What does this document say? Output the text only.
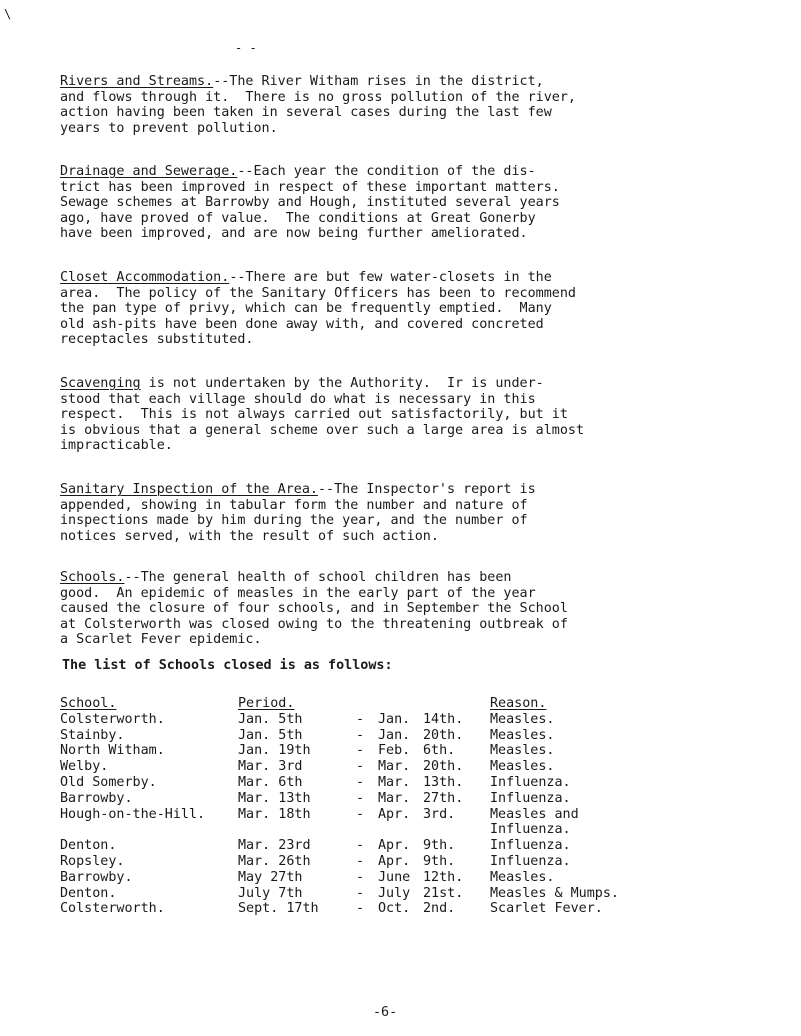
\
- -
Rivers and Streams.--The River Witham rises in the district,
and flows through it.  There is no gross pollution of the river,
action having been taken in several cases during the last few
years to prevent pollution.
Drainage and Sewerage.--Each year the condition of the dis-
trict has been improved in respect of these important matters.
Sewage schemes at Barrowby and Hough, instituted several years
ago, have proved of value.  The conditions at Great Gonerby
have been improved, and are now being further ameliorated.
Closet Accommodation.--There are but few water-closets in the
area.  The policy of the Sanitary Officers has been to recommend
the pan type of privy, which can be frequently emptied.  Many
old ash-pits have been done away with, and covered concreted
receptacles substituted.
Scavenging is not undertaken by the Authority.  Ir is under-
stood that each village should do what is necessary in this
respect.  This is not always carried out satisfactorily, but it
is obvious that a general scheme over such a large area is almost
impracticable.
Sanitary Inspection of the Area.--The Inspector's report is
appended, showing in tabular form the number and nature of
inspections made by him during the year, and the number of
notices served, with the result of such action.
Schools.--The general health of school children has been
good.  An epidemic of measles in the early part of the year
caused the closure of four schools, and in September the School
at Colsterworth was closed owing to the threatening outbreak of
a Scarlet Fever epidemic.
The list of Schools closed is as follows:
School.	Period.				Reason.
Colsterworth.	Jan. 5th	-	Jan.	14th.	Measles.
Stainby.	Jan. 5th	-	Jan.	20th.	Measles.
North Witham.	Jan. 19th	-	Feb.	6th.	Measles.
Welby.	Mar. 3rd	-	Mar.	20th.	Measles.
Old Somerby.	Mar. 6th	-	Mar.	13th.	Influenza.
Barrowby.	Mar. 13th	-	Mar.	27th.	Influenza.
Hough-on-the-Hill.	Mar. 18th	-	Apr.	3rd.	Measles and
					Influenza.
Denton.	Mar. 23rd	-	Apr.	9th.	Influenza.
Ropsley.	Mar. 26th	-	Apr.	9th.	Influenza.
Barrowby.	May 27th	-	June	12th.	Measles.
Denton.	July 7th	-	July	21st.	Measles & Mumps.
Colsterworth.	Sept. 17th	-	Oct.	2nd.	Scarlet Fever.
-6-
